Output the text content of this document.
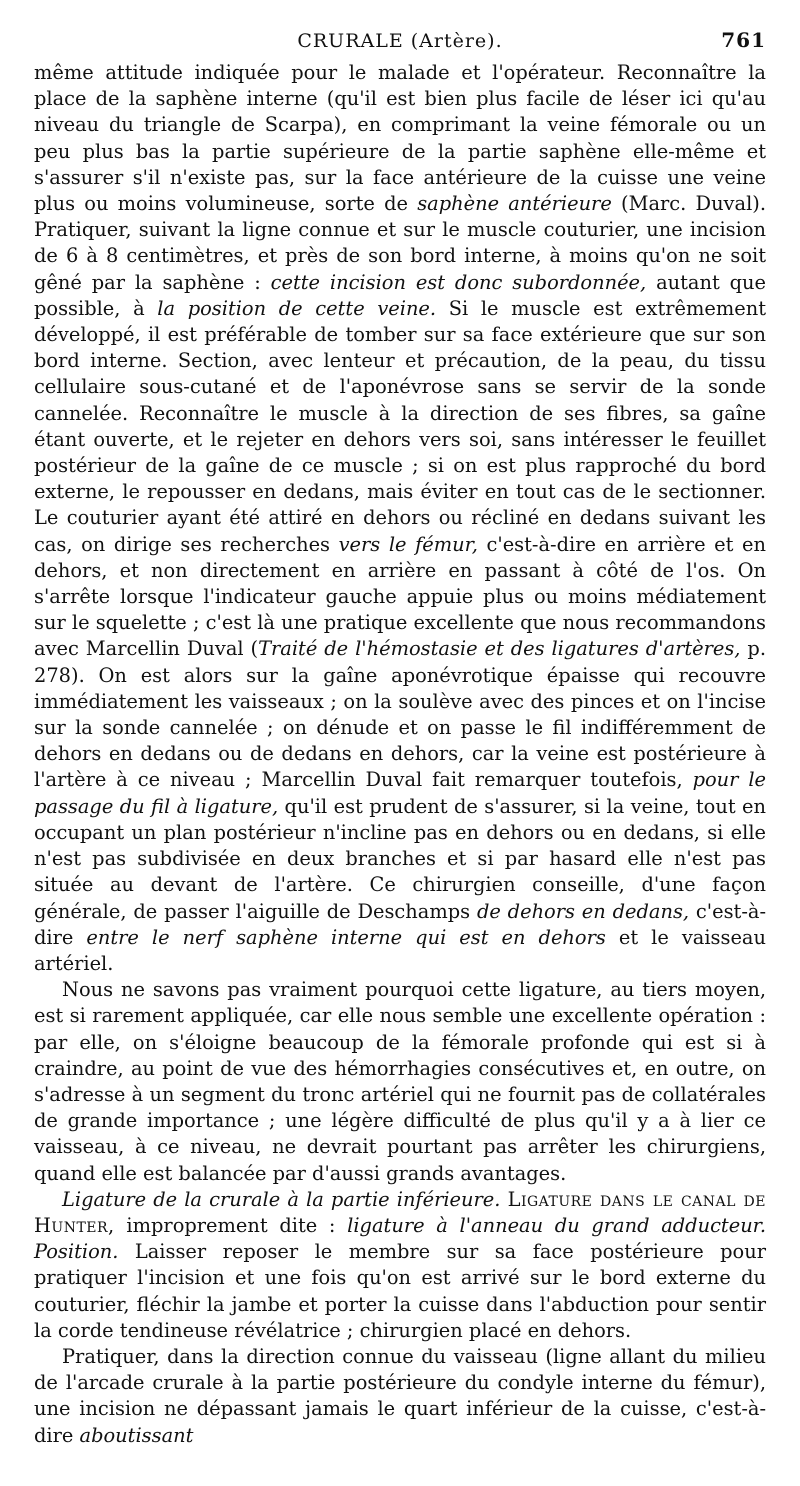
CRURALE (Artère).	761

même attitude indiquée pour le malade et l'opérateur. Reconnaître la place de la saphène interne (qu'il est bien plus facile de léser ici qu'au niveau du triangle de Scarpa), en comprimant la veine fémorale ou un peu plus bas la partie supérieure de la partie saphène elle-même et s'assurer s'il n'existe pas, sur la face antérieure de la cuisse une veine plus ou moins volumineuse, sorte de saphène antérieure (Marc. Duval). Pratiquer, suivant la ligne connue et sur le muscle couturier, une incision de 6 à 8 centimètres, et près de son bord interne, à moins qu'on ne soit gêné par la saphène : cette incision est donc subordonnée, autant que possible, à la position de cette veine. Si le muscle est extrêmement développé, il est préférable de tomber sur sa face extérieure que sur son bord interne. Section, avec lenteur et précaution, de la peau, du tissu cellulaire sous-cutané et de l'aponévrose sans se servir de la sonde cannelée. Reconnaître le muscle à la direction de ses fibres, sa gaîne étant ouverte, et le rejeter en dehors vers soi, sans intéresser le feuillet postérieur de la gaîne de ce muscle ; si on est plus rapproché du bord externe, le repousser en dedans, mais éviter en tout cas de le sectionner. Le couturier ayant été attiré en dehors ou récliné en dedans suivant les cas, on dirige ses recherches vers le fémur, c'est-à-dire en arrière et en dehors, et non directement en arrière en passant à côté de l'os. On s'arrête lorsque l'indicateur gauche appuie plus ou moins médiatement sur le squelette ; c'est là une pratique excellente que nous recommandons avec Marcellin Duval (Traité de l'hémostasie et des ligatures d'artères, p. 278). On est alors sur la gaîne aponévrotique épaisse qui recouvre immédiatement les vaisseaux ; on la soulève avec des pinces et on l'incise sur la sonde cannelée ; on dénude et on passe le fil indifféremment de dehors en dedans ou de dedans en dehors, car la veine est postérieure à l'artère à ce niveau ; Marcellin Duval fait remarquer toutefois, pour le passage du fil à ligature, qu'il est prudent de s'assurer, si la veine, tout en occupant un plan postérieur n'incline pas en dehors ou en dedans, si elle n'est pas subdivisée en deux branches et si par hasard elle n'est pas située au devant de l'artère. Ce chirurgien conseille, d'une façon générale, de passer l'aiguille de Deschamps de dehors en dedans, c'est-à-dire entre le nerf saphène interne qui est en dehors et le vaisseau artériel.

Nous ne savons pas vraiment pourquoi cette ligature, au tiers moyen, est si rarement appliquée, car elle nous semble une excellente opération : par elle, on s'éloigne beaucoup de la fémorale profonde qui est si à craindre, au point de vue des hémorrhagies consécutives et, en outre, on s'adresse à un segment du tronc artériel qui ne fournit pas de collatérales de grande importance ; une légère difficulté de plus qu'il y a à lier ce vaisseau, à ce niveau, ne devrait pourtant pas arrêter les chirurgiens, quand elle est balancée par d'aussi grands avantages.

Ligature de la crurale à la partie inférieure. Ligature dans le canal de Hunter, improprement dite : ligature à l'anneau du grand adducteur. Position. Laisser reposer le membre sur sa face postérieure pour pratiquer l'incision et une fois qu'on est arrivé sur le bord externe du couturier, fléchir la jambe et porter la cuisse dans l'abduction pour sentir la corde tendineuse révélatrice ; chirurgien placé en dehors.

Pratiquer, dans la direction connue du vaisseau (ligne allant du milieu de l'arcade crurale à la partie postérieure du condyle interne du fémur), une incision ne dépassant jamais le quart inférieur de la cuisse, c'est-à-dire aboutissant
